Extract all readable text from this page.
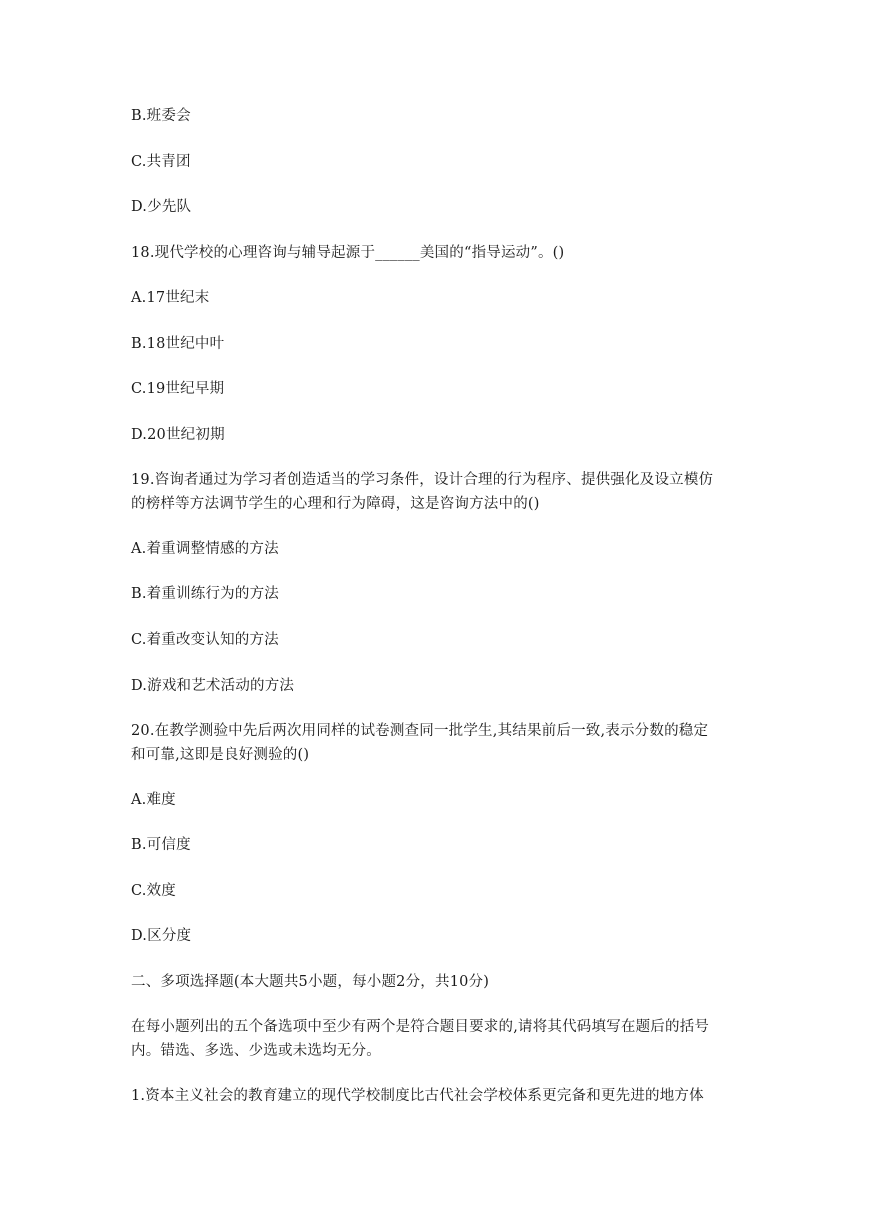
B.班委会
C.共青团
D.少先队
18.现代学校的心理咨询与辅导起源于______美国的“指导运动”。()
A.17世纪末
B.18世纪中叶
C.19世纪早期
D.20世纪初期
19.咨询者通过为学习者创造适当的学习条件，设计合理的行为程序、提供强化及设立模仿
的榜样等方法调节学生的心理和行为障碍，这是咨询方法中的()
A.着重调整情感的方法
B.着重训练行为的方法
C.着重改变认知的方法
D.游戏和艺术活动的方法
20.在教学测验中先后两次用同样的试卷测查同一批学生,其结果前后一致,表示分数的稳定
和可靠,这即是良好测验的()
A.难度
B.可信度
C.效度
D.区分度
二、多项选择题(本大题共5小题，每小题2分，共10分)
在每小题列出的五个备选项中至少有两个是符合题目要求的,请将其代码填写在题后的括号
内。错选、多选、少选或未选均无分。
1.资本主义社会的教育建立的现代学校制度比古代社会学校体系更完备和更先进的地方体
